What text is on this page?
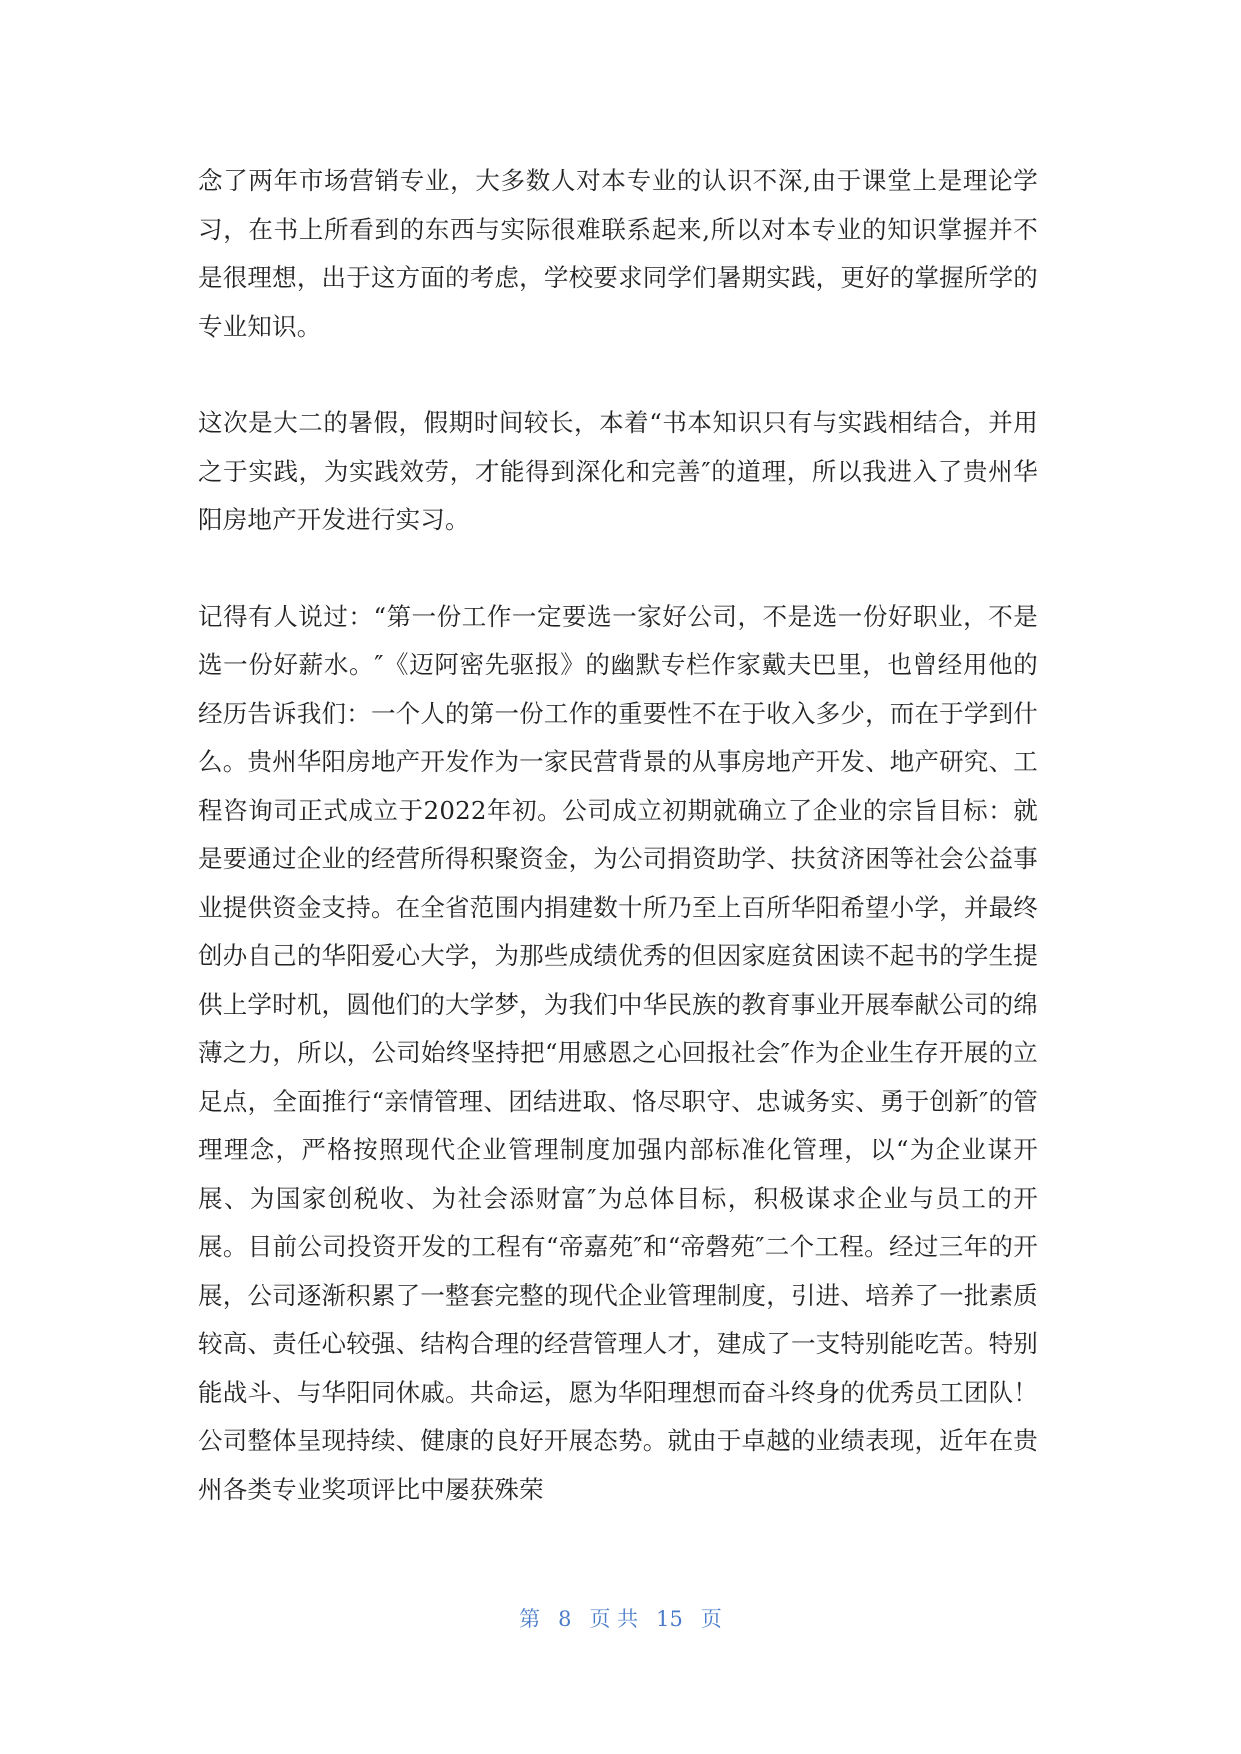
念了两年市场营销专业，大多数人对本专业的认识不深,由于课堂上是理论学习，在书上所看到的东西与实际很难联系起来,所以对本专业的知识掌握并不是很理想，出于这方面的考虑，学校要求同学们暑期实践，更好的掌握所学的专业知识。

这次是大二的暑假，假期时间较长，本着“书本知识只有与实践相结合，并用之于实践，为实践效劳，才能得到深化和完善″的道理，所以我进入了贵州华阳房地产开发进行实习。

记得有人说过：“第一份工作一定要选一家好公司，不是选一份好职业，不是选一份好薪水。″《迈阿密先驱报》的幽默专栏作家戴夫巴里，也曾经用他的经历告诉我们：一个人的第一份工作的重要性不在于收入多少，而在于学到什么。贵州华阳房地产开发作为一家民营背景的从事房地产开发、地产研究、工程咨询司正式成立于2022年初。公司成立初期就确立了企业的宗旨目标：就是要通过企业的经营所得积聚资金，为公司捐资助学、扶贫济困等社会公益事业提供资金支持。在全省范围内捐建数十所乃至上百所华阳希望小学，并最终创办自己的华阳爱心大学，为那些成绩优秀的但因家庭贫困读不起书的学生提供上学时机，圆他们的大学梦，为我们中华民族的教育事业开展奉献公司的绵薄之力，所以，公司始终坚持把“用感恩之心回报社会″作为企业生存开展的立足点，全面推行“亲情管理、团结进取、恪尽职守、忠诚务实、勇于创新″的管理理念，严格按照现代企业管理制度加强内部标准化管理，以“为企业谋开展、为国家创税收、为社会添财富″为总体目标，积极谋求企业与员工的开展。目前公司投资开发的工程有“帝嘉苑″和“帝磬苑″二个工程。经过三年的开展，公司逐渐积累了一整套完整的现代企业管理制度，引进、培养了一批素质较高、责任心较强、结构合理的经营管理人才，建成了一支特别能吃苦。特别能战斗、与华阳同休戚。共命运，愿为华阳理想而奋斗终身的优秀员工团队！公司整体呈现持续、健康的良好开展态势。就由于卓越的业绩表现，近年在贵州各类专业奖项评比中屡获殊荣

第 8 页 共 15 页
